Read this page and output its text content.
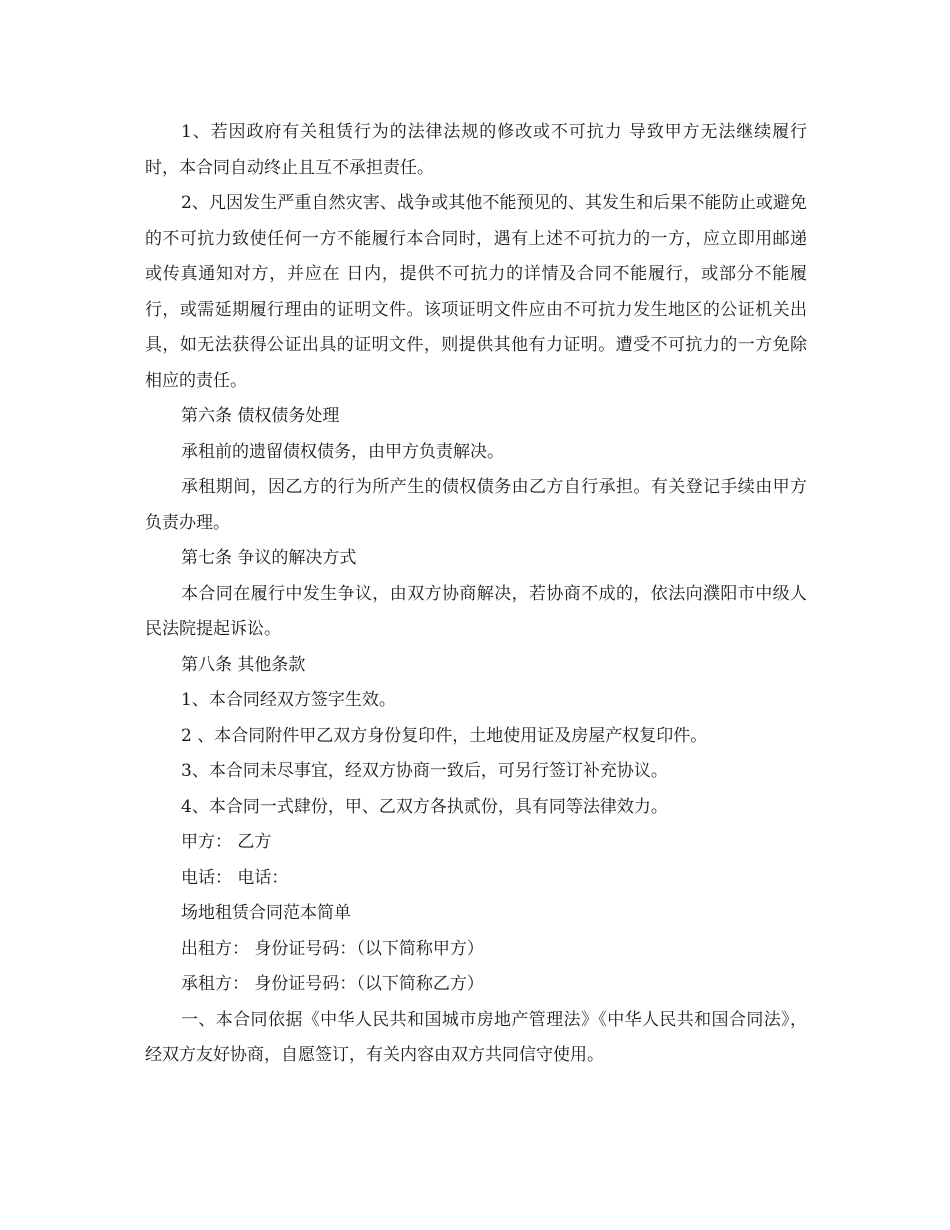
1、若因政府有关租赁行为的法律法规的修改或不可抗力 导致甲方无法继续履行时，本合同自动终止且互不承担责任。

2、凡因发生严重自然灾害、战争或其他不能预见的、其发生和后果不能防止或避免的不可抗力致使任何一方不能履行本合同时，遇有上述不可抗力的一方，应立即用邮递或传真通知对方，并应在 日内，提供不可抗力的详情及合同不能履行，或部分不能履行，或需延期履行理由的证明文件。该项证明文件应由不可抗力发生地区的公证机关出具，如无法获得公证出具的证明文件，则提供其他有力证明。遭受不可抗力的一方免除相应的责任。

第六条 债权债务处理

承租前的遗留债权债务，由甲方负责解决。

承租期间，因乙方的行为所产生的债权债务由乙方自行承担。有关登记手续由甲方负责办理。

第七条 争议的解决方式

本合同在履行中发生争议，由双方协商解决，若协商不成的，依法向濮阳市中级人民法院提起诉讼。

第八条 其他条款

1、本合同经双方签字生效。

2 、本合同附件甲乙双方身份复印件，土地使用证及房屋产权复印件。

3、本合同未尽事宜，经双方协商一致后，可另行签订补充协议。

4、本合同一式肆份，甲、乙双方各执贰份，具有同等法律效力。

甲方： 乙方

电话： 电话：

场地租赁合同范本简单

出租方： 身份证号码：（以下简称甲方）

承租方： 身份证号码：（以下简称乙方）

一、本合同依据《中华人民共和国城市房地产管理法》《中华人民共和国合同法》，经双方友好协商，自愿签订，有关内容由双方共同信守使用。
